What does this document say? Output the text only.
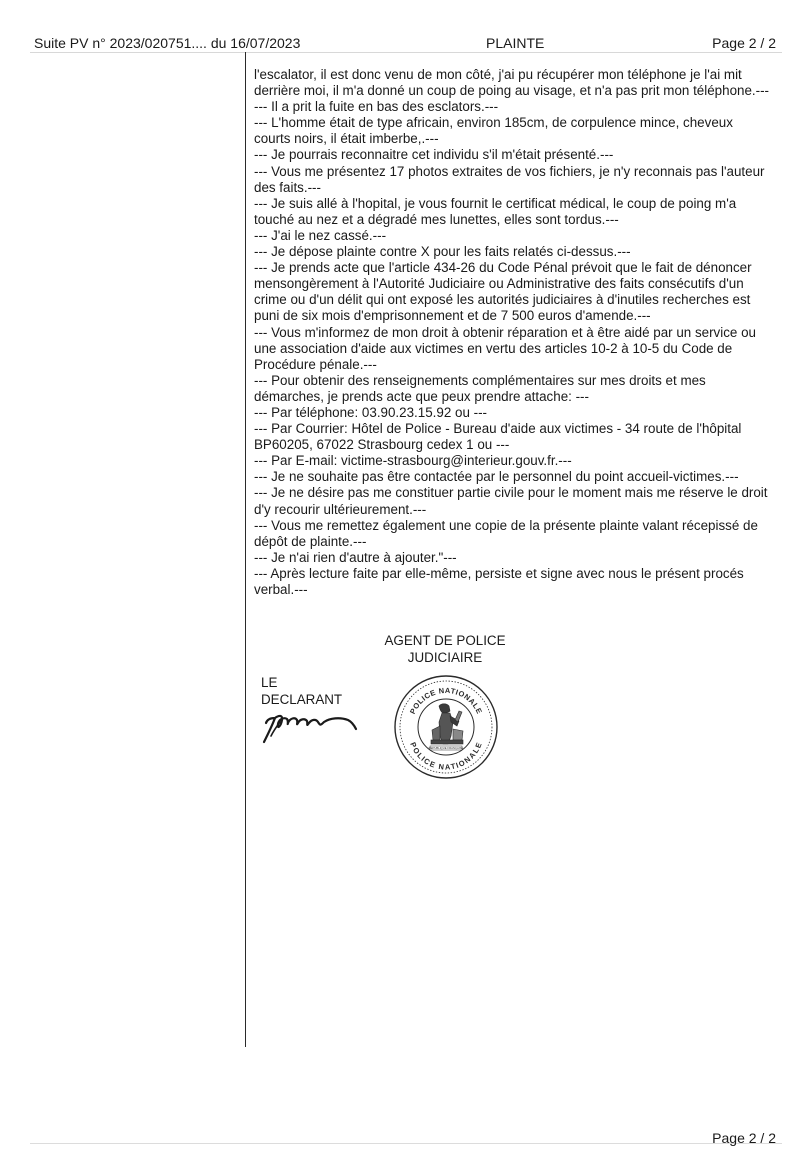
Suite PV n° 2023/020751.... du 16/07/2023	PLAINTE	Page 2 / 2

l'escalator, il est donc venu de mon côté, j'ai pu récupérer mon téléphone je l'ai mit derrière moi, il m'a donné un coup de poing au visage, et n'a pas prit mon téléphone.---

--- Il a prit la fuite en bas des esclators.---

--- L'homme était de type africain, environ 185cm, de corpulence mince, cheveux courts noirs, il était imberbe,.---

--- Je pourrais reconnaitre cet individu s'il m'était présenté.---

--- Vous me présentez 17 photos extraites de vos fichiers, je n'y reconnais pas l'auteur des faits.---

--- Je suis allé à l'hopital, je vous fournit le certificat médical, le coup de poing m'a touché au nez et a dégradé mes lunettes, elles sont tordus.---

--- J'ai le nez cassé.---

--- Je dépose plainte contre X pour les faits relatés ci-dessus.---

--- Je prends acte que l'article 434-26 du Code Pénal prévoit que le fait de dénoncer mensongèrement à l'Autorité Judiciaire ou Administrative des faits consécutifs d'un crime ou d'un délit qui ont exposé les autorités judiciaires à d'inutiles recherches est puni de six mois d'emprisonnement et de 7 500 euros d'amende.---

--- Vous m'informez de mon droit à obtenir réparation et à être aidé par un service ou une association d'aide aux victimes en vertu des articles 10-2 à 10-5 du Code de Procédure pénale.---

--- Pour obtenir des renseignements complémentaires sur mes droits et mes démarches, je prends acte que peux prendre attache: ---

--- Par téléphone: 03.90.23.15.92 ou ---

--- Par Courrier: Hôtel de Police - Bureau d'aide aux victimes - 34 route de l'hôpital BP60205, 67022 Strasbourg cedex 1 ou ---

--- Par E-mail: victime-strasbourg@interieur.gouv.fr.---

--- Je ne souhaite pas être contactée par le personnel du point accueil-victimes.---

--- Je ne désire pas me constituer partie civile pour le moment mais me réserve le droit d'y recourir ultérieurement.---

--- Vous me remettez également une copie de la présente plainte valant récepissé de dépôt de plainte.---

--- Je n'ai rien d'autre à ajouter."---

--- Après lecture faite par elle-même, persiste et signe avec nous le présent procés verbal.---

AGENT DE POLICE
JUDICIAIRE
LE
DECLARANT
POLICE NATIONALE
POLICE NATIONALE
REPUBLIQUE FRANÇAISE
Page 2 / 2
